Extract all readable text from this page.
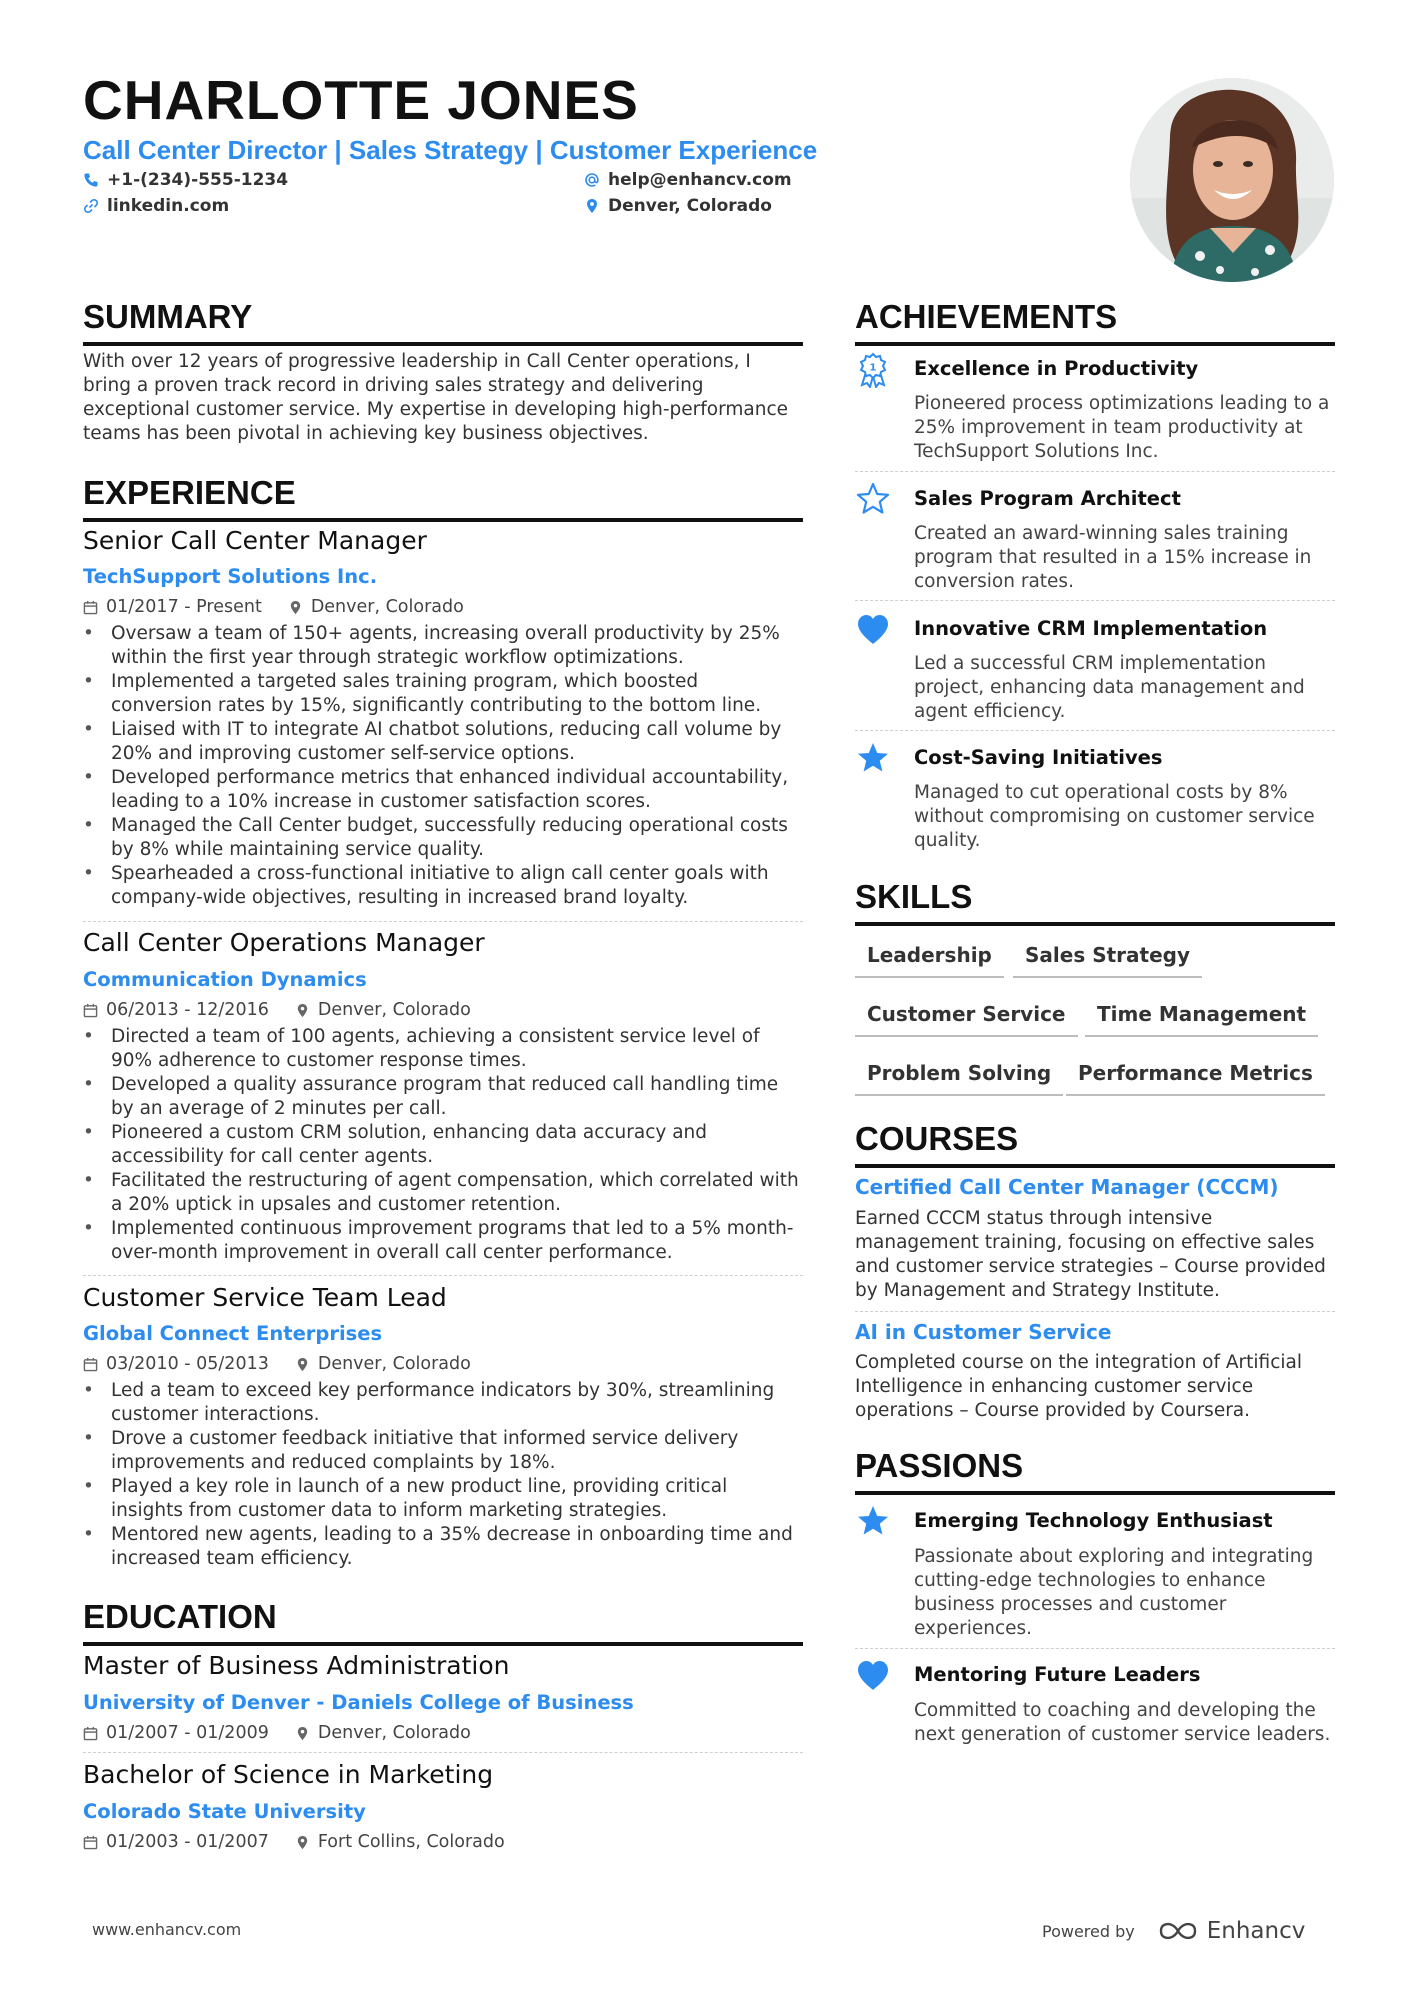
CHARLOTTE JONES
Call Center Director | Sales Strategy | Customer Experience
+1-(234)-555-1234	help@enhancv.com
linkedin.com	Denver, Colorado
SUMMARY
With over 12 years of progressive leadership in Call Center operations, I bring a proven track record in driving sales strategy and delivering exceptional customer service. My expertise in developing high-performance teams has been pivotal in achieving key business objectives.
EXPERIENCE
Senior Call Center Manager
TechSupport Solutions Inc.
01/2017 - Present	Denver, Colorado
• Oversaw a team of 150+ agents, increasing overall productivity by 25% within the first year through strategic workflow optimizations.
• Implemented a targeted sales training program, which boosted conversion rates by 15%, significantly contributing to the bottom line.
• Liaised with IT to integrate AI chatbot solutions, reducing call volume by 20% and improving customer self-service options.
• Developed performance metrics that enhanced individual accountability, leading to a 10% increase in customer satisfaction scores.
• Managed the Call Center budget, successfully reducing operational costs by 8% while maintaining service quality.
• Spearheaded a cross-functional initiative to align call center goals with company-wide objectives, resulting in increased brand loyalty.
Call Center Operations Manager
Communication Dynamics
06/2013 - 12/2016	Denver, Colorado
• Directed a team of 100 agents, achieving a consistent service level of 90% adherence to customer response times.
• Developed a quality assurance program that reduced call handling time by an average of 2 minutes per call.
• Pioneered a custom CRM solution, enhancing data accuracy and accessibility for call center agents.
• Facilitated the restructuring of agent compensation, which correlated with a 20% uptick in upsales and customer retention.
• Implemented continuous improvement programs that led to a 5% month-over-month improvement in overall call center performance.
Customer Service Team Lead
Global Connect Enterprises
03/2010 - 05/2013	Denver, Colorado
• Led a team to exceed key performance indicators by 30%, streamlining customer interactions.
• Drove a customer feedback initiative that informed service delivery improvements and reduced complaints by 18%.
• Played a key role in launch of a new product line, providing critical insights from customer data to inform marketing strategies.
• Mentored new agents, leading to a 35% decrease in onboarding time and increased team efficiency.
EDUCATION
Master of Business Administration
University of Denver - Daniels College of Business
01/2007 - 01/2009	Denver, Colorado
Bachelor of Science in Marketing
Colorado State University
01/2003 - 01/2007	Fort Collins, Colorado
ACHIEVEMENTS
1 Excellence in Productivity
Pioneered process optimizations leading to a 25% improvement in team productivity at TechSupport Solutions Inc.
Sales Program Architect
Created an award-winning sales training program that resulted in a 15% increase in conversion rates.
Innovative CRM Implementation
Led a successful CRM implementation project, enhancing data management and agent efficiency.
Cost-Saving Initiatives
Managed to cut operational costs by 8% without compromising on customer service quality.
SKILLS
Leadership	Sales Strategy
Customer Service	Time Management
Problem Solving	Performance Metrics
COURSES
Certified Call Center Manager (CCCM)
Earned CCCM status through intensive management training, focusing on effective sales and customer service strategies – Course provided by Management and Strategy Institute.
AI in Customer Service
Completed course on the integration of Artificial Intelligence in enhancing customer service operations – Course provided by Coursera.
PASSIONS
Emerging Technology Enthusiast
Passionate about exploring and integrating cutting-edge technologies to enhance business processes and customer experiences.
Mentoring Future Leaders
Committed to coaching and developing the next generation of customer service leaders.
www.enhancv.com	Powered by	Enhancv
